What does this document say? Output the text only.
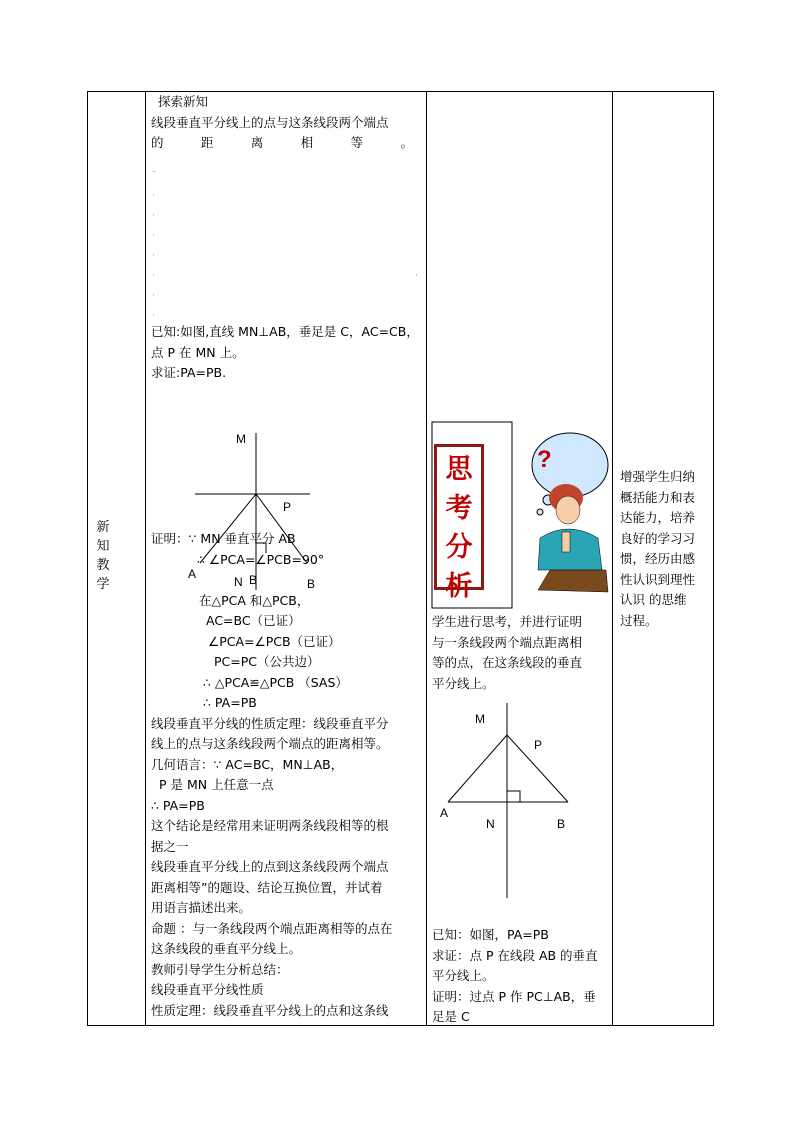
新
知
教
学
探索新知
线段垂直平分线上的点与这条线段两个端点
的	距	离	相	等	。
¨
·
·
·
·
·	·
·
·
已知:如图,直线 MN⊥AB，垂足是 C，AC=CB，
点 P 在 MN 上。
求证:PA=PB.
M
P
A
N B	B
证明：∵ MN 垂直平分 AB
∴ ∠PCA=∠PCB=90°
在△PCA 和△PCB，
AC=BC（已证）
∠PCA=∠PCB（已证）
PC=PC（公共边）
∴ △PCA≌△PCB （SAS）
∴ PA=PB
线段垂直平分线的性质定理：线段垂直平分
线上的点与这条线段两个端点的距离相等。
几何语言：∵ AC=BC，MN⊥AB，
P 是 MN 上任意一点
∴ PA=PB
这个结论是经常用来证明两条线段相等的根
据之一
线段垂直平分线上的点到这条线段两个端点
距离相等”的题设、结论互换位置，并试着
用语言描述出来。
命题 ：与一条线段两个端点距离相等的点在
这条线段的垂直平分线上。
教师引导学生分析总结：
线段垂直平分线性质
性质定理：线段垂直平分线上的点和这条线
思
考
分
析
?
学生进行思考，并进行证明
与一条线段两个端点距离相
等的点，在这条线段的垂直
平分线上。
M
P
A
N	B
已知：如图，PA=PB
求证：点 P 在线段 AB 的垂直
平分线上。
证明：过点 P 作 PC⊥AB，垂
足是 C
增强学生归纳
概括能力和表
达能力，培养
良好的学习习
惯，经历由感
性认识到理性
认识 的思维
过程。
